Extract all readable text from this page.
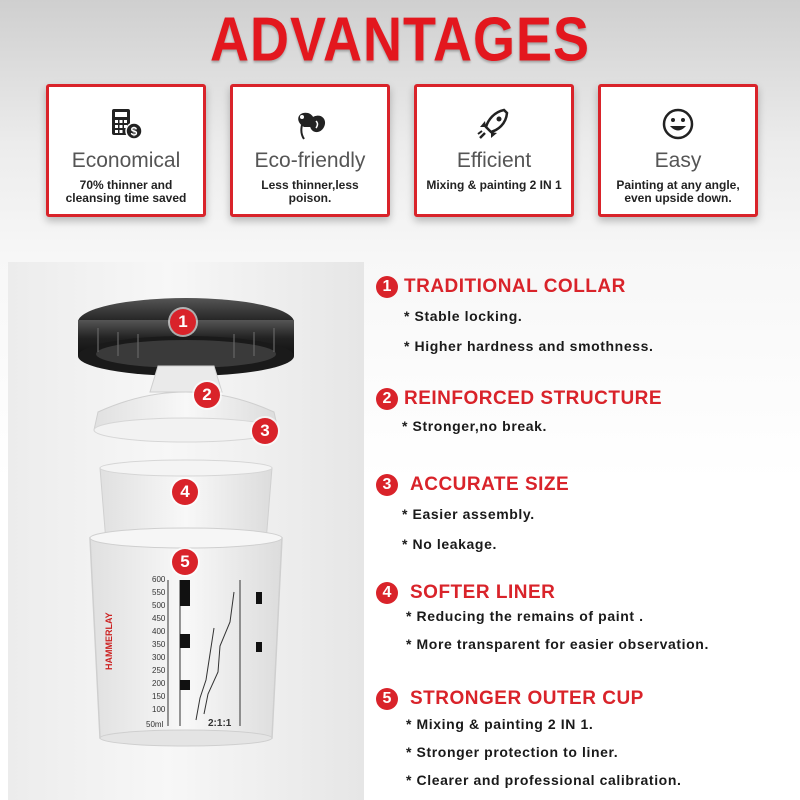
ADVANTAGES
$
Economical
70% thinner and cleansing time saved
Eco-friendly
Less thinner,less poison.
Efficient
Mixing & painting 2 IN 1
Easy
Painting at any angle, even upside down.
HAMMERLAY
600
550
500
450
400
350
300
250
200
150
100
50ml	2:1:1
1
2
3
4
5
1 TRADITIONAL COLLAR
* Stable locking.
* Higher hardness and smothness.
2 REINFORCED STRUCTURE
* Stronger,no break.
3 ACCURATE SIZE
* Easier assembly.
* No leakage.
4 SOFTER LINER
* Reducing the remains of paint .
* More transparent for easier observation.
5 STRONGER OUTER CUP
* Mixing & painting 2 IN 1.
* Stronger protection to liner.
* Clearer and professional calibration.
